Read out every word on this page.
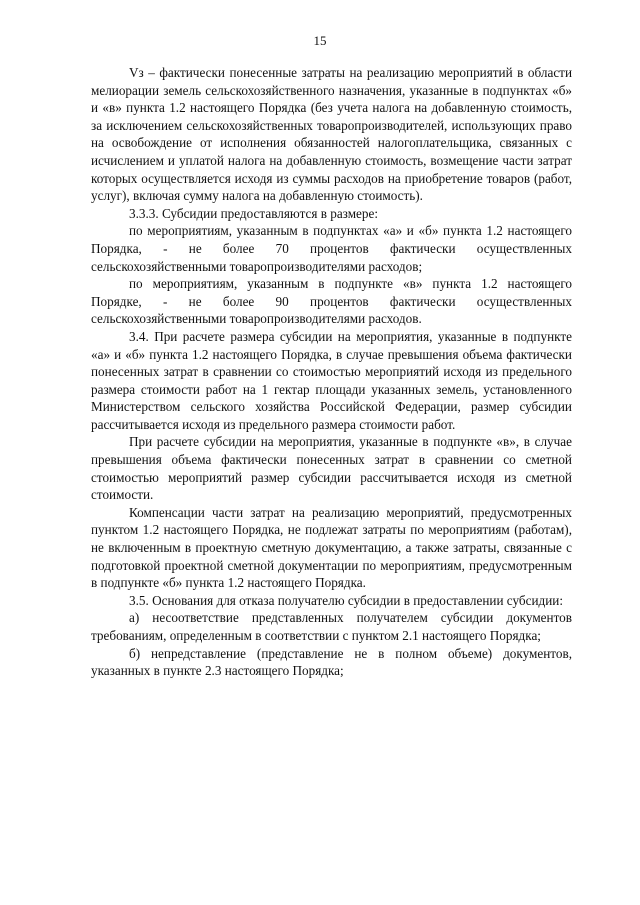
15

Vз – фактически понесенные затраты на реализацию мероприятий в области мелиорации земель сельскохозяйственного назначения, указанные в подпунктах «б» и «в» пункта 1.2 настоящего Порядка (без учета налога на добавленную стоимость, за исключением сельскохозяйственных товаропроизводителей, использующих право на освобождение от исполнения обязанностей налогоплательщика, связанных с исчислением и уплатой налога на добавленную стоимость, возмещение части затрат которых осуществляется исходя из суммы расходов на приобретение товаров (работ, услуг), включая сумму налога на добавленную стоимость).

3.3.3. Субсидии предоставляются в размере:

по мероприятиям, указанным в подпунктах «а» и «б» пункта 1.2 настоящего Порядка, - не более 70 процентов фактически осуществленных сельскохозяйственными товаропроизводителями расходов;

по мероприятиям, указанным в подпункте «в» пункта 1.2 настоящего Порядке, - не более 90 процентов фактически осуществленных сельскохозяйственными товаропроизводителями расходов.

3.4. При расчете размера субсидии на мероприятия, указанные в подпункте «а» и «б» пункта 1.2 настоящего Порядка, в случае превышения объема фактически понесенных затрат в сравнении со стоимостью мероприятий исходя из предельного размера стоимости работ на 1 гектар площади указанных земель, установленного Министерством сельского хозяйства Российской Федерации, размер субсидии рассчитывается исходя из предельного размера стоимости работ.

При расчете субсидии на мероприятия, указанные в подпункте «в», в случае превышения объема фактически понесенных затрат в сравнении со сметной стоимостью мероприятий размер субсидии рассчитывается исходя из сметной стоимости.

Компенсации части затрат на реализацию мероприятий, предусмотренных пунктом 1.2 настоящего Порядка, не подлежат затраты по мероприятиям (работам), не включенным в проектную сметную документацию, а также затраты, связанные с подготовкой проектной сметной документации по мероприятиям, предусмотренным в подпункте «б» пункта 1.2 настоящего Порядка.

3.5. Основания для отказа получателю субсидии в предоставлении субсидии:

а) несоответствие представленных получателем субсидии документов требованиям, определенным в соответствии с пунктом 2.1 настоящего Порядка;

б) непредставление (представление не в полном объеме) документов, указанных в пункте 2.3 настоящего Порядка;
